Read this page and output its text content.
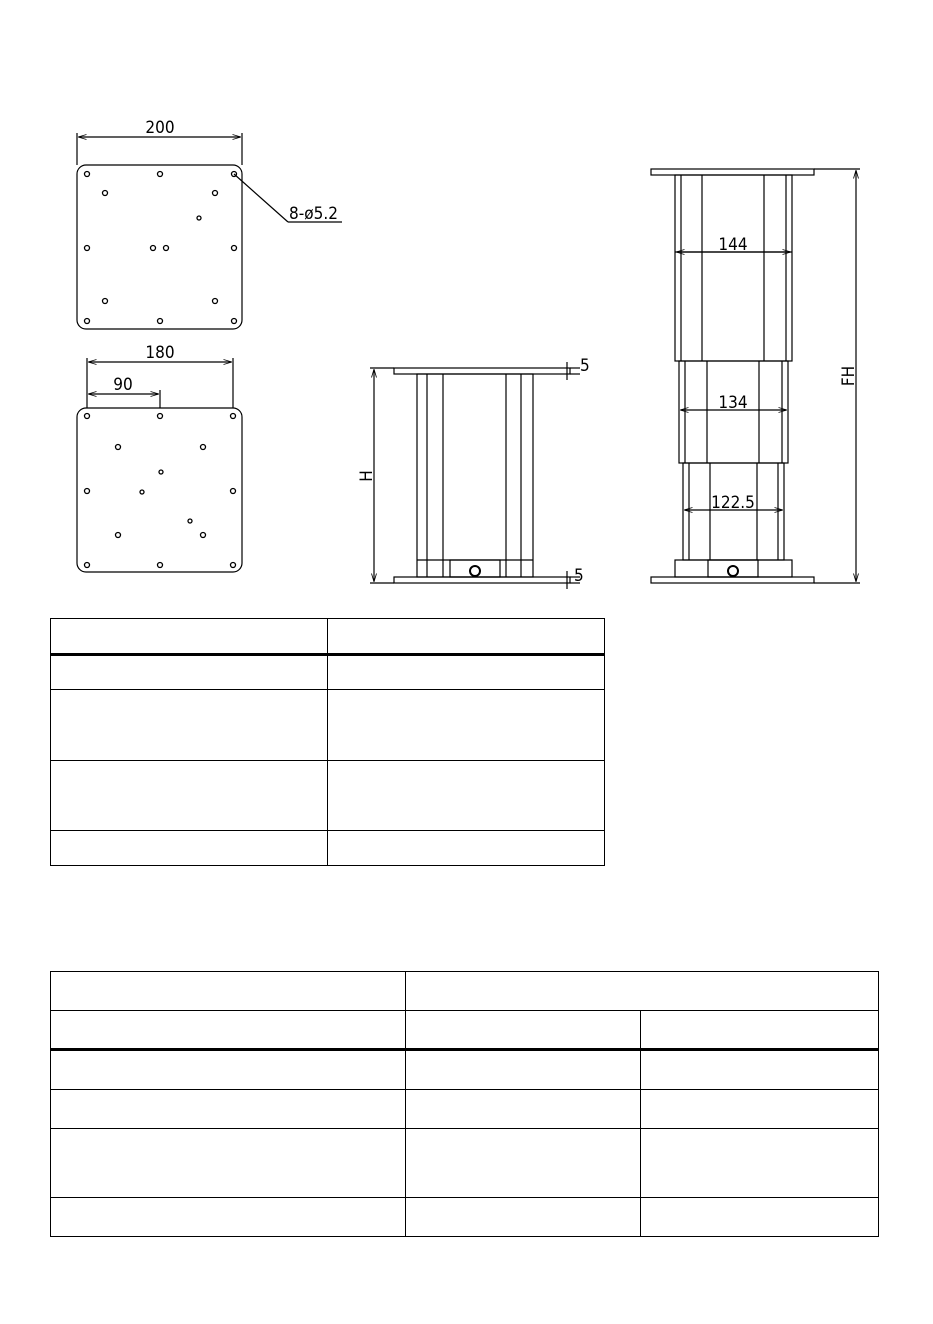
200
8-ø5.2
180
90
H
5
5
144
134
122.5
FH
